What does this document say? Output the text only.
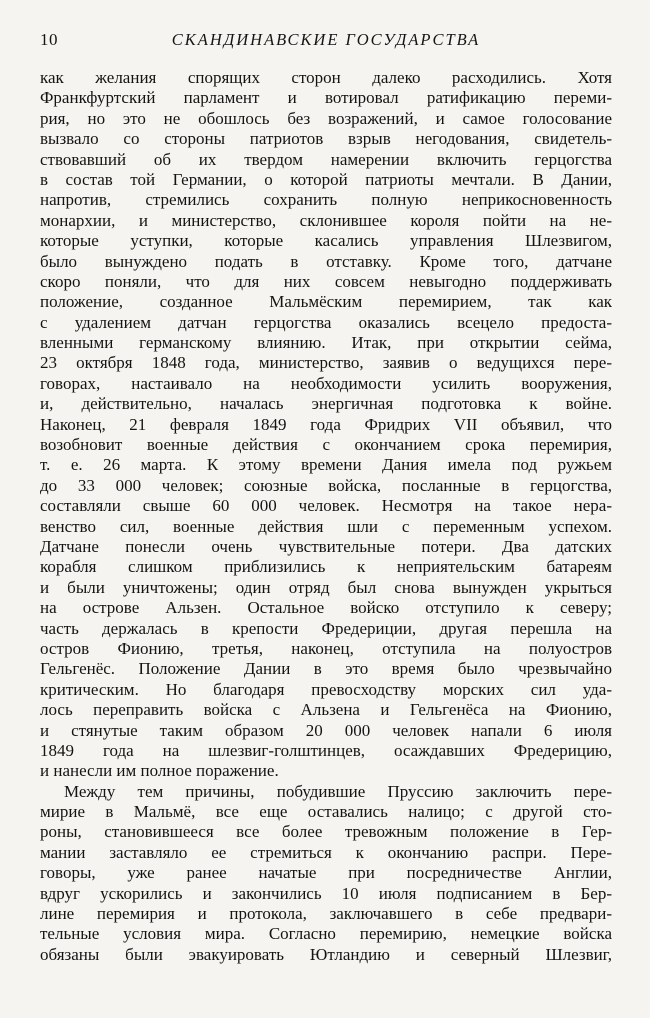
10	СКАНДИНАВСКИЕ ГОСУДАРСТВА
как желания спорящих сторон далеко расходились. Хотя
Франкфуртский парламент и вотировал ратификацию переми-
рия, но это не обошлось без возражений, и самое голосование
вызвало со стороны патриотов взрыв негодования, свидетель-
ствовавший об их твердом намерении включить герцогства
в состав той Германии, о которой патриоты мечтали. В Дании,
напротив, стремились сохранить полную неприкосновенность
монархии, и министерство, склонившее короля пойти на не-
которые уступки, которые касались управления Шлезвигом,
было вынуждено подать в отставку. Кроме того, датчане
скоро поняли, что для них совсем невыгодно поддерживать
положение, созданное Мальмёским перемирием, так как
с удалением датчан герцогства оказались всецело предоста-
вленными германскому влиянию. Итак, при открытии сейма,
23 октября 1848 года, министерство, заявив о ведущихся пере-
говорах, настаивало на необходимости усилить вооружения,
и, действительно, началась энергичная подготовка к войне.
Наконец, 21 февраля 1849 года Фридрих VII объявил, что
возобновит военные действия с окончанием срока перемирия,
т. е. 26 марта. К этому времени Дания имела под ружьем
до 33 000 человек; союзные войска, посланные в герцогства,
составляли свыше 60 000 человек. Несмотря на такое нера-
венство сил, военные действия шли с переменным успехом.
Датчане понесли очень чувствительные потери. Два датских
корабля слишком приблизились к неприятельским батареям
и были уничтожены; один отряд был снова вынужден укрыться
на острове Альзен. Остальное войско отступило к северу;
часть держалась в крепости Фредериции, другая перешла на
остров Фионию, третья, наконец, отступила на полуостров
Гельгенёс. Положение Дании в это время было чрезвычайно
критическим. Но благодаря превосходству морских сил уда-
лось переправить войска с Альзена и Гельгенёса на Фионию,
и стянутые таким образом 20 000 человек напали 6 июля
1849 года на шлезвиг-голштинцев, осаждавших Фредерицию,
и нанесли им полное поражение.
Между тем причины, побудившие Пруссию заключить пере-
мирие в Мальмё, все еще оставались налицо; с другой сто-
роны, становившееся все более тревожным положение в Гер-
мании заставляло ее стремиться к окончанию распри. Пере-
говоры, уже ранее начатые при посредничестве Англии,
вдруг ускорились и закончились 10 июля подписанием в Бер-
лине перемирия и протокола, заключавшего в себе предвари-
тельные условия мира. Согласно перемирию, немецкие войска
обязаны были эвакуировать Ютландию и северный Шлезвиг,
